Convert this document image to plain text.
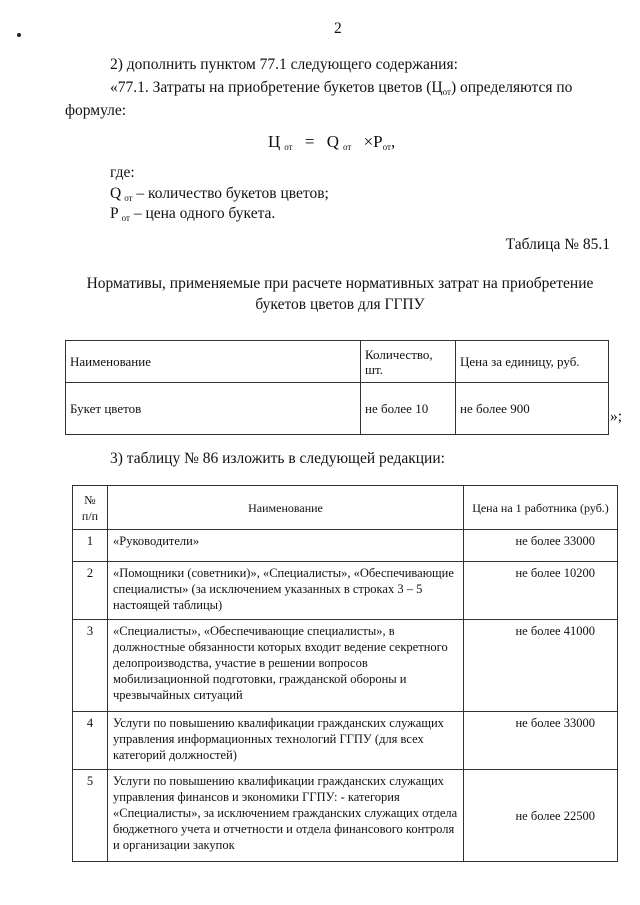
2
2) дополнить пунктом 77.1 следующего содержания:
«77.1. Затраты на приобретение букетов цветов $(Ц_{от})$ определяются по
формуле:
Ц $_{от}$ = Q $_{от} \times P_{от}$,
где:
Q $_{от}$ – количество букетов цветов;
P $_{от}$ – цена одного букета.
Таблица № 85.1
Нормативы, применяемые при расчете нормативных затрат на приобретение
букетов цветов для ГГПУ
Наименование	Количество, шт.	Цена за единицу, руб.
Букет цветов	не более 10	не более 900	»;
3) таблицу № 86 изложить в следующей редакции:
№ п/п	Наименование	Цена на 1 работника (руб.)
1	«Руководители»	не более 33000
2	«Помощники (советники)», «Специалисты», «Обеспечивающие специалисты» (за исключением указанных в строках 3 – 5 настоящей таблицы)	не более 10200
3	«Специалисты», «Обеспечивающие специалисты», в должностные обязанности которых входит ведение секретного делопроизводства, участие в решении вопросов мобилизационной подготовки, гражданской обороны и чрезвычайных ситуаций	не более 41000
4	Услуги по повышению квалификации гражданских служащих управления информационных технологий ГГПУ (для всех категорий должностей)	не более 33000
5	Услуги по повышению квалификации гражданских служащих управления финансов и экономики ГГПУ: - категория «Специалисты», за исключением гражданских служащих отдела бюджетного учета и отчетности и отдела финансового контроля и организации закупок	не более 22500
